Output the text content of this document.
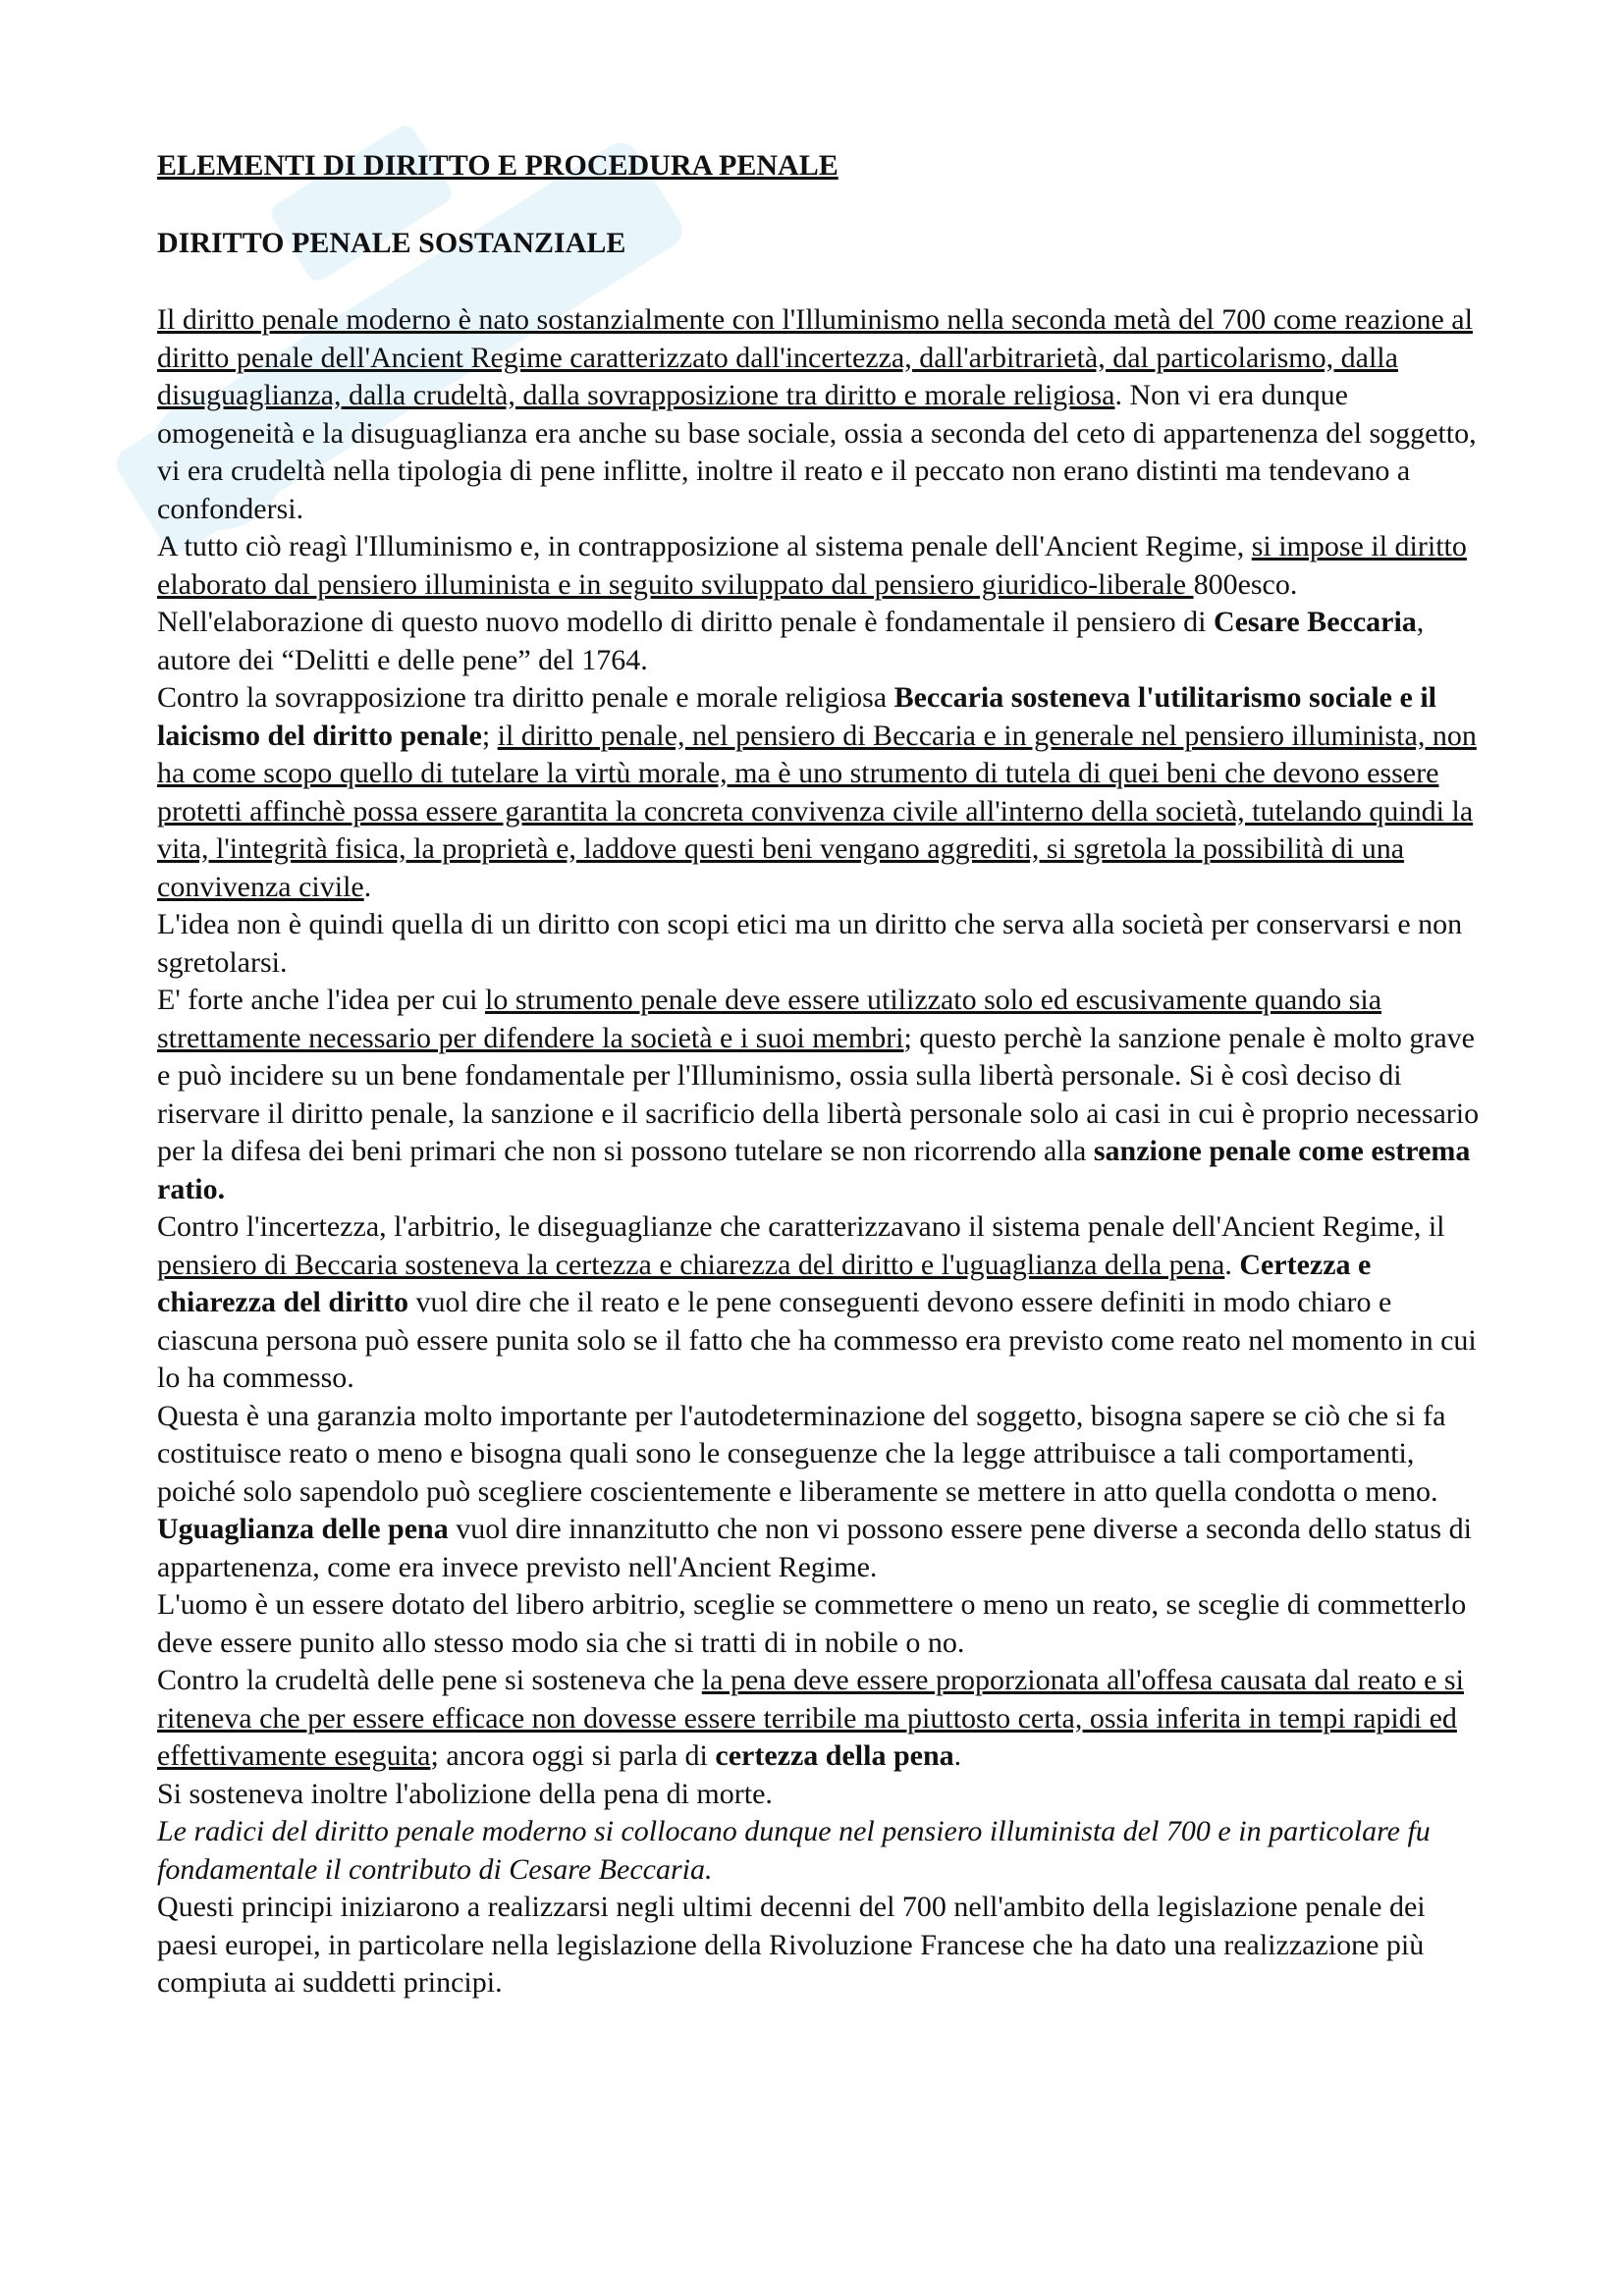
ELEMENTI DI DIRITTO E PROCEDURA PENALE
DIRITTO PENALE SOSTANZIALE

Il diritto penale moderno è nato sostanzialmente con l'Illuminismo nella seconda metà del 700 come reazione al diritto penale dell'Ancient Regime caratterizzato dall'incertezza, dall'arbitrarietà, dal particolarismo, dalla disuguaglianza, dalla crudeltà, dalla sovrapposizione tra diritto e morale religiosa. Non vi era dunque omogeneità e la disuguaglianza era anche su base sociale, ossia a seconda del ceto di appartenenza del soggetto, vi era crudeltà nella tipologia di pene inflitte, inoltre il reato e il peccato non erano distinti ma tendevano a confondersi.

A tutto ciò reagì l'Illuminismo e, in contrapposizione al sistema penale dell'Ancient Regime, si impose il diritto elaborato dal pensiero illuminista e in seguito sviluppato dal pensiero giuridico-liberale 800esco.

Nell'elaborazione di questo nuovo modello di diritto penale è fondamentale il pensiero di Cesare Beccaria, autore dei “Delitti e delle pene” del 1764.

Contro la sovrapposizione tra diritto penale e morale religiosa Beccaria sosteneva l'utilitarismo sociale e il laicismo del diritto penale; il diritto penale, nel pensiero di Beccaria e in generale nel pensiero illuminista, non ha come scopo quello di tutelare la virtù morale, ma è uno strumento di tutela di quei beni che devono essere protetti affinchè possa essere garantita la concreta convivenza civile all'interno della società, tutelando quindi la vita, l'integrità fisica, la proprietà e, laddove questi beni vengano aggrediti, si sgretola la possibilità di una convivenza civile.

L'idea non è quindi quella di un diritto con scopi etici ma un diritto che serva alla società per conservarsi e non sgretolarsi.

E' forte anche l'idea per cui lo strumento penale deve essere utilizzato solo ed escusivamente quando sia strettamente necessario per difendere la società e i suoi membri; questo perchè la sanzione penale è molto grave e può incidere su un bene fondamentale per l'Illuminismo, ossia sulla libertà personale. Si è così deciso di riservare il diritto penale, la sanzione e il sacrificio della libertà personale solo ai casi in cui è proprio necessario per la difesa dei beni primari che non si possono tutelare se non ricorrendo alla sanzione penale come estrema ratio.

Contro l'incertezza, l'arbitrio, le diseguaglianze che caratterizzavano il sistema penale dell'Ancient Regime, il pensiero di Beccaria sosteneva la certezza e chiarezza del diritto e l'uguaglianza della pena. Certezza e chiarezza del diritto vuol dire che il reato e le pene conseguenti devono essere definiti in modo chiaro e ciascuna persona può essere punita solo se il fatto che ha commesso era previsto come reato nel momento in cui lo ha commesso.

Questa è una garanzia molto importante per l'autodeterminazione del soggetto, bisogna sapere se ciò che si fa costituisce reato o meno e bisogna quali sono le conseguenze che la legge attribuisce a tali comportamenti, poiché solo sapendolo può scegliere coscientemente e liberamente se mettere in atto quella condotta o meno.

Uguaglianza delle pena vuol dire innanzitutto che non vi possono essere pene diverse a seconda dello status di appartenenza, come era invece previsto nell'Ancient Regime.

L'uomo è un essere dotato del libero arbitrio, sceglie se commettere o meno un reato, se sceglie di commetterlo deve essere punito allo stesso modo sia che si tratti di in nobile o no.

Contro la crudeltà delle pene si sosteneva che la pena deve essere proporzionata all'offesa causata dal reato e si riteneva che per essere efficace non dovesse essere terribile ma piuttosto certa, ossia inferita in tempi rapidi ed effettivamente eseguita; ancora oggi si parla di certezza della pena.

Si sosteneva inoltre l'abolizione della pena di morte.

Le radici del diritto penale moderno si collocano dunque nel pensiero illuminista del 700 e in particolare fu fondamentale il contributo di Cesare Beccaria.

Questi principi iniziarono a realizzarsi negli ultimi decenni del 700 nell'ambito della legislazione penale dei paesi europei, in particolare nella legislazione della Rivoluzione Francese che ha dato una realizzazione più compiuta ai suddetti principi.
